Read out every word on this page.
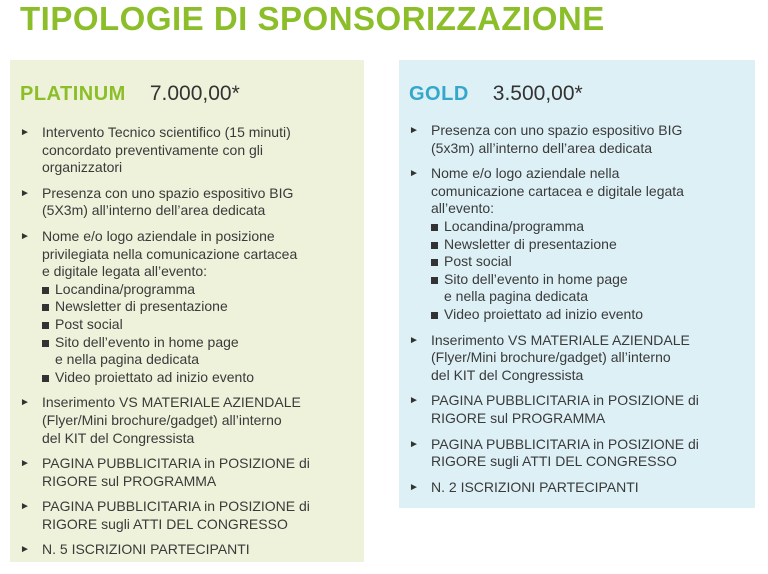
TIPOLOGIE DI SPONSORIZZAZIONE
PLATINUM 7.000,00*
► Intervento Tecnico scientifico (15 minuti)
concordato preventivamente con gli
organizzatori
► Presenza con uno spazio espositivo BIG
(5X3m) all’interno dell’area dedicata
► Nome e/o logo aziendale in posizione
privilegiata nella comunicazione cartacea
e digitale legata all’evento:
Locandina/programma
Newsletter di presentazione
Post social
Sito dell’evento in home page
e nella pagina dedicata
Video proiettato ad inizio evento
► Inserimento VS MATERIALE AZIENDALE
(Flyer/Mini brochure/gadget) all’interno
del KIT del Congressista
► PAGINA PUBBLICITARIA in POSIZIONE di
RIGORE sul PROGRAMMA
► PAGINA PUBBLICITARIA in POSIZIONE di
RIGORE sugli ATTI DEL CONGRESSO
► N. 5 ISCRIZIONI PARTECIPANTI
GOLD 3.500,00*
► Presenza con uno spazio espositivo BIG
(5x3m) all’interno dell’area dedicata
► Nome e/o logo aziendale nella
comunicazione cartacea e digitale legata
all’evento:
Locandina/programma
Newsletter di presentazione
Post social
Sito dell’evento in home page
e nella pagina dedicata
Video proiettato ad inizio evento
► Inserimento VS MATERIALE AZIENDALE
(Flyer/Mini brochure/gadget) all’interno
del KIT del Congressista
► PAGINA PUBBLICITARIA in POSIZIONE di
RIGORE sul PROGRAMMA
► PAGINA PUBBLICITARIA in POSIZIONE di
RIGORE sugli ATTI DEL CONGRESSO
► N. 2 ISCRIZIONI PARTECIPANTI
